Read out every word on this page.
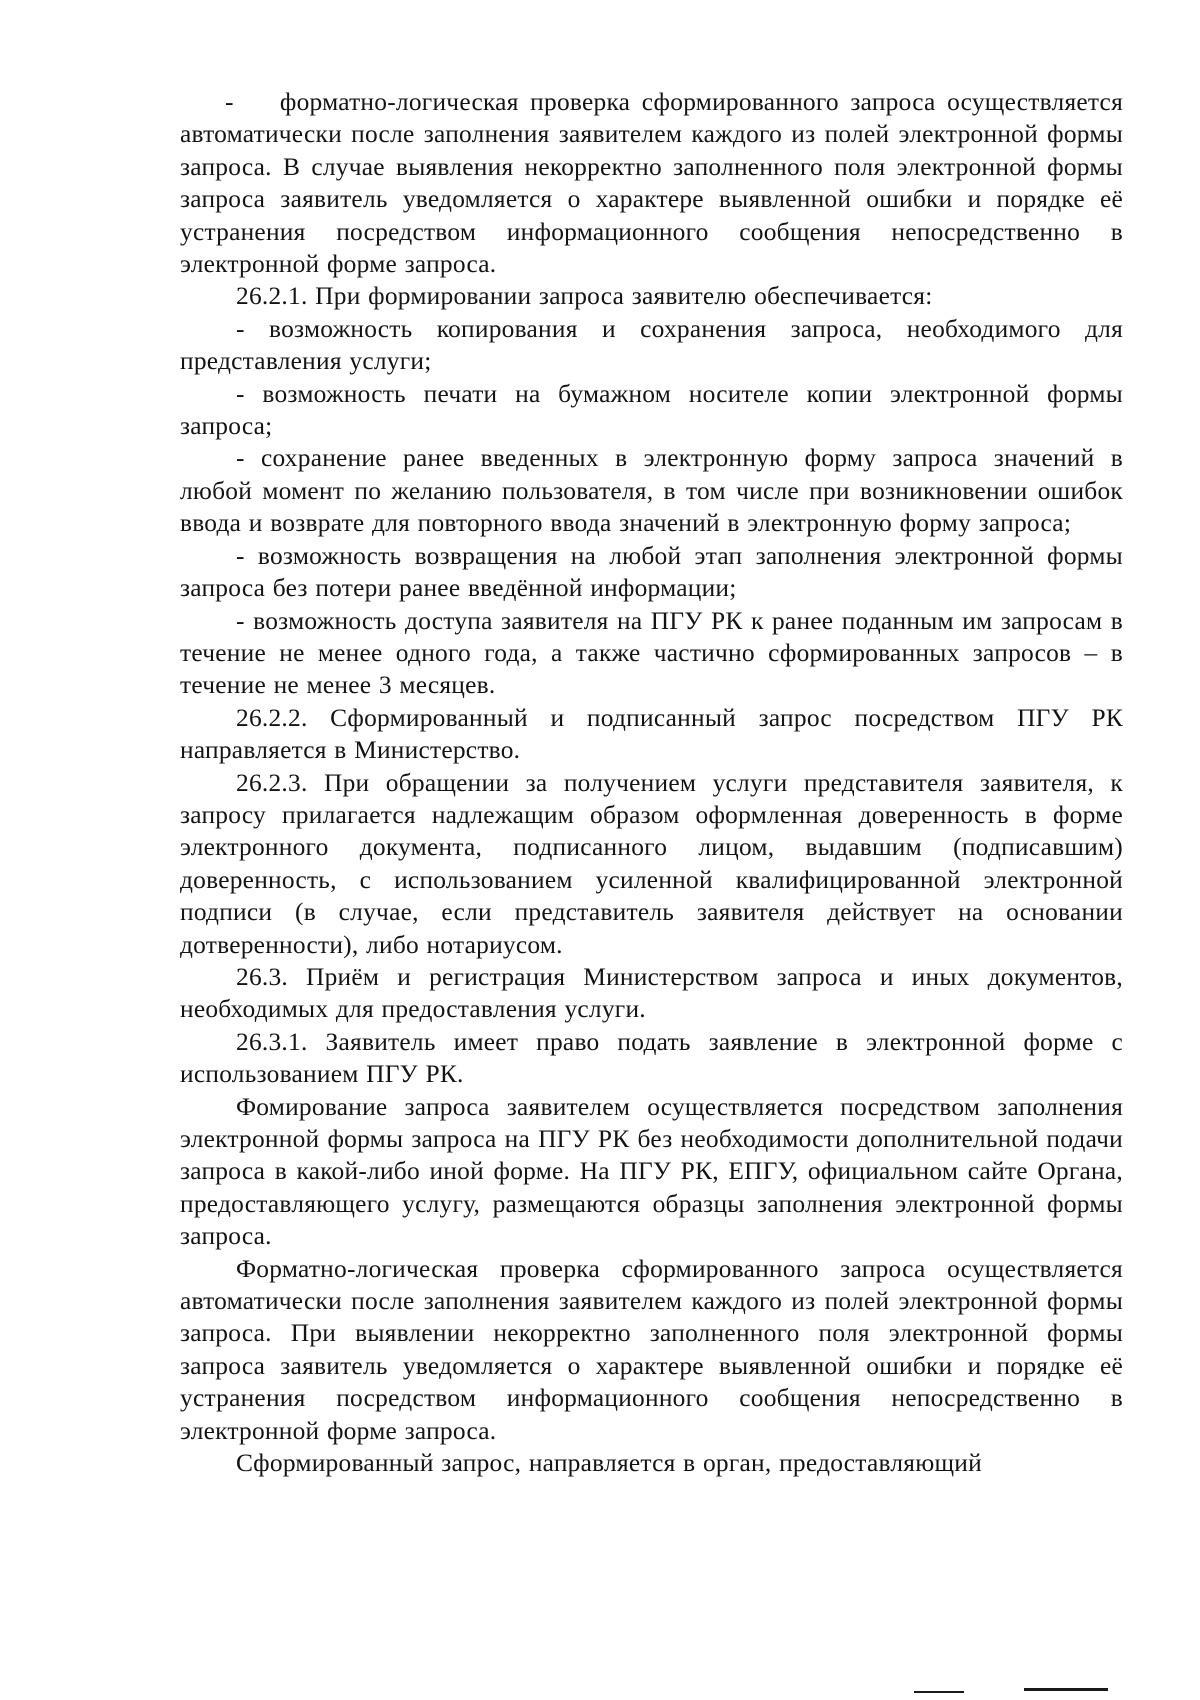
-    форматно-логическая проверка сформированного запроса осуществляется автоматически после заполнения заявителем каждого из полей электронной формы запроса. В случае выявления некорректно заполненного поля электронной формы запроса заявитель уведомляется о характере выявленной ошибки и порядке её устранения посредством информационного сообщения непосредственно в электронной форме запроса.

26.2.1. При формировании запроса заявителю обеспечивается:

- возможность копирования и сохранения запроса, необходимого для представления услуги;

- возможность печати на бумажном носителе копии электронной формы запроса;

- сохранение ранее введенных в электронную форму запроса значений в любой момент по желанию пользователя, в том числе при возникновении ошибок ввода и возврате для повторного ввода значений в электронную форму запроса;

- возможность возвращения на любой этап заполнения электронной формы запроса без потери ранее введённой информации;

- возможность доступа заявителя на ПГУ РК к ранее поданным им запросам в течение не менее одного года, а также частично сформированных запросов – в течение не менее 3 месяцев.

26.2.2. Сформированный и подписанный запрос посредством ПГУ РК направляется в Министерство.

26.2.3. При обращении за получением услуги представителя заявителя, к запросу прилагается надлежащим образом оформленная доверенность в форме электронного документа, подписанного лицом, выдавшим (подписавшим) доверенность, с использованием усиленной квалифицированной электронной подписи (в случае, если представитель заявителя действует на основании дотверенности), либо нотариусом.

26.3. Приём и регистрация Министерством запроса и иных документов, необходимых для предоставления услуги.

26.3.1. Заявитель имеет право подать заявление в электронной форме с использованием ПГУ РК.

Фомирование запроса заявителем осуществляется посредством заполнения электронной формы запроса на ПГУ РК без необходимости дополнительной подачи запроса в какой-либо иной форме. На ПГУ РК, ЕПГУ, официальном сайте Органа, предоставляющего услугу, размещаются образцы заполнения электронной формы запроса.

Форматно-логическая проверка сформированного запроса осуществляется автоматически после заполнения заявителем каждого из полей электронной формы запроса. При выявлении некорректно заполненного поля электронной формы запроса заявитель уведомляется о характере выявленной ошибки и порядке её устранения посредством информационного сообщения непосредственно в электронной форме запроса.

Сформированный запрос, направляется в орган, предоставляющий
